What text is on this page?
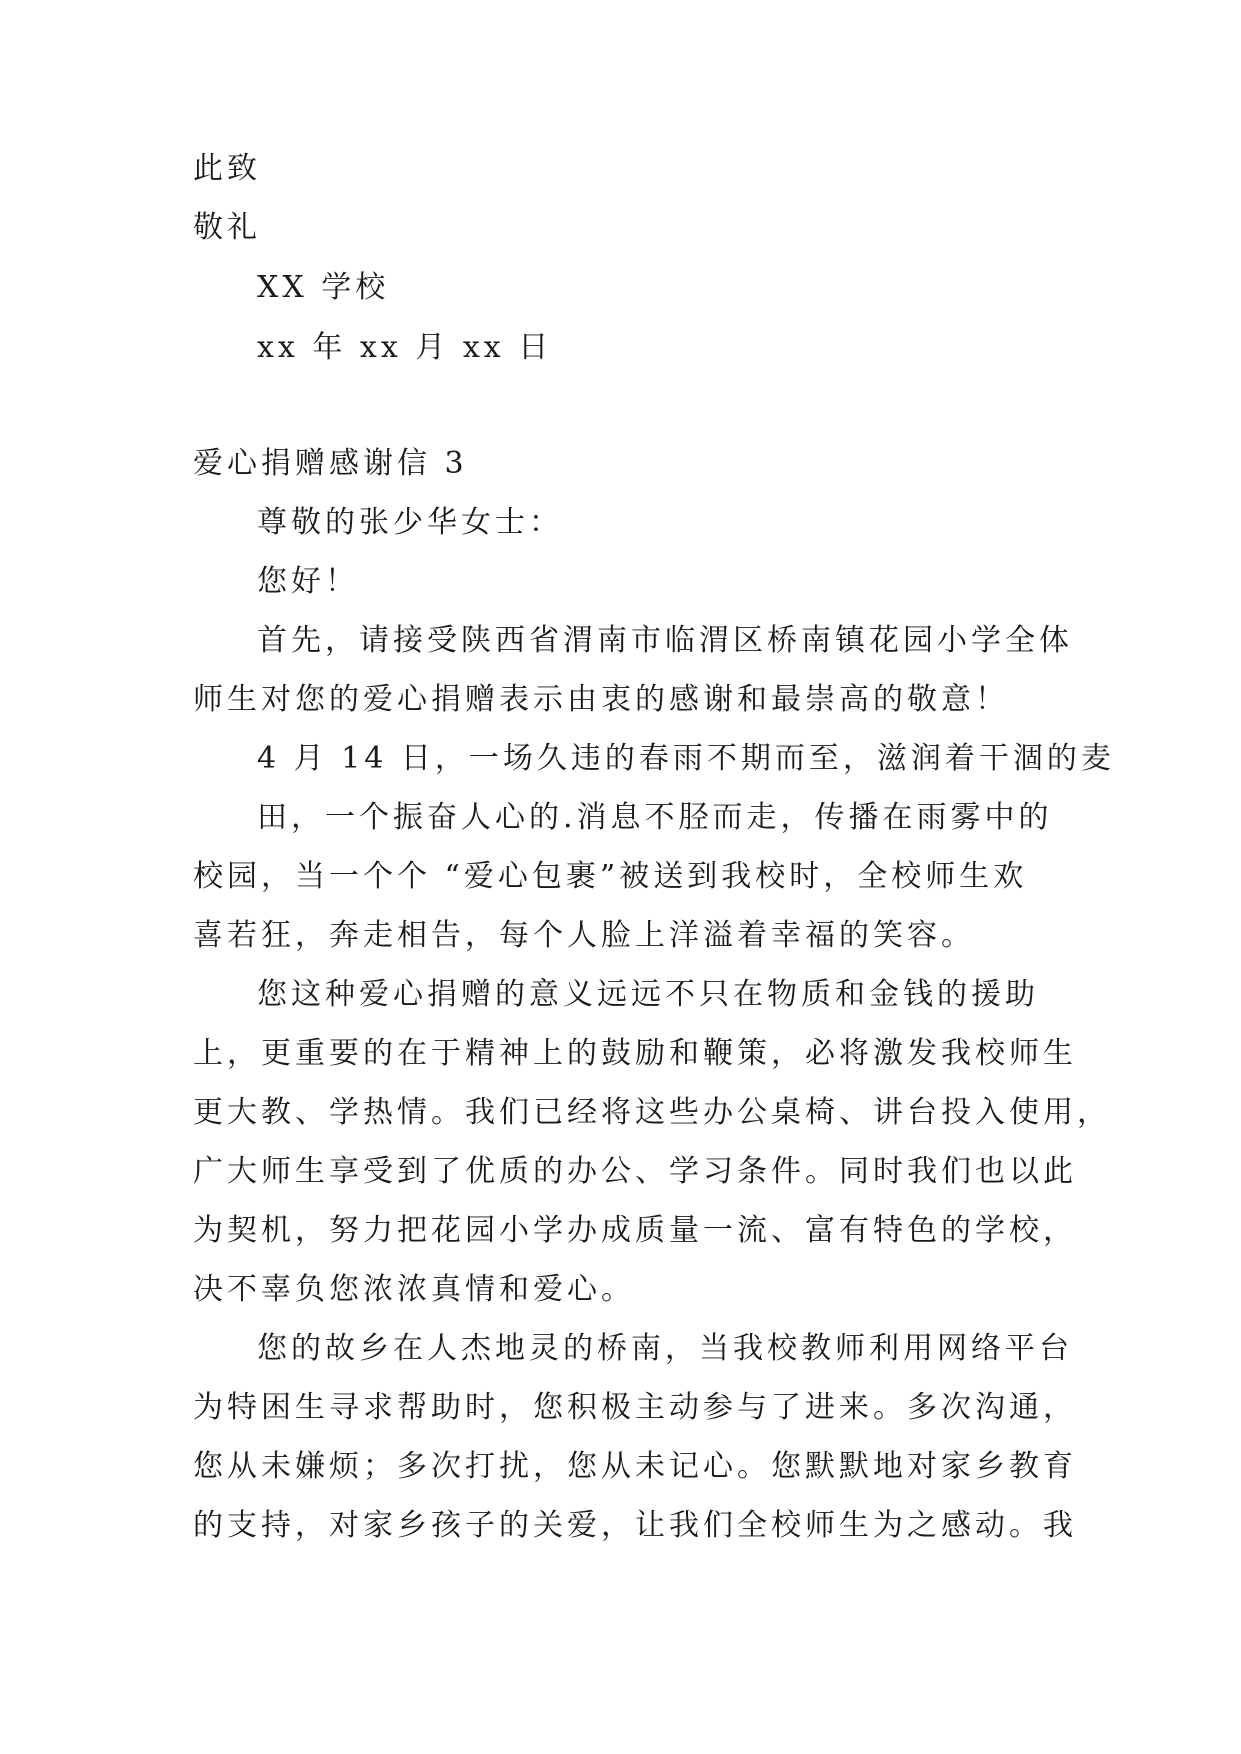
此致
敬礼
XX 学校
xx 年 xx 月 xx 日
爱心捐赠感谢信 3
尊敬的张少华女士：
您好！
首先，请接受陕西省渭南市临渭区桥南镇花园小学全体
师生对您的爱心捐赠表示由衷的感谢和最崇高的敬意！
4 月 14 日，一场久违的春雨不期而至，滋润着干涸的麦
田，一个振奋人心的.消息不胫而走，传播在雨雾中的
校园，当一个个 “爱心包裹”被送到我校时，全校师生欢
喜若狂，奔走相告，每个人脸上洋溢着幸福的笑容。
您这种爱心捐赠的意义远远不只在物质和金钱的援助
上，更重要的在于精神上的鼓励和鞭策，必将激发我校师生
更大教、学热情。我们已经将这些办公桌椅、讲台投入使用，
广大师生享受到了优质的办公、学习条件。同时我们也以此
为契机，努力把花园小学办成质量一流、富有特色的学校，
决不辜负您浓浓真情和爱心。
您的故乡在人杰地灵的桥南，当我校教师利用网络平台
为特困生寻求帮助时，您积极主动参与了进来。多次沟通，
您从未嫌烦；多次打扰，您从未记心。您默默地对家乡教育
的支持，对家乡孩子的关爱，让我们全校师生为之感动。我
